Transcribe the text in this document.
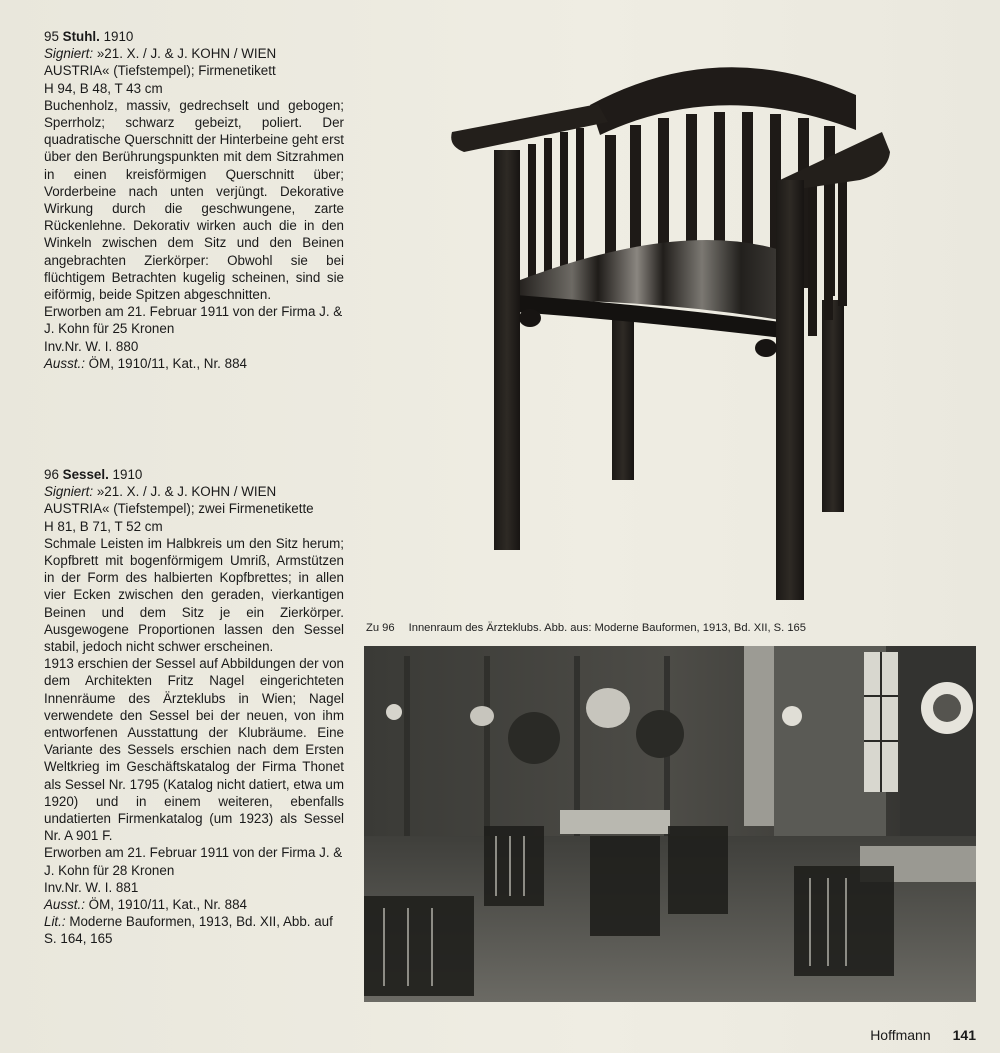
95 Stuhl. 1910

Signiert: »21. X. / J. & J. KOHN / WIEN AUSTRIA« (Tiefstempel); Firmenetikett

H 94, B 48, T 43 cm

Buchenholz, massiv, gedrechselt und gebogen; Sperrholz; schwarz gebeizt, poliert. Der quadratische Querschnitt der Hinterbeine geht erst über den Berührungspunkten mit dem Sitzrahmen in einen kreisförmigen Querschnitt über; Vorderbeine nach unten verjüngt. Dekorative Wirkung durch die geschwungene, zarte Rückenlehne. Dekorativ wirken auch die in den Winkeln zwischen dem Sitz und den Beinen angebrachten Zierkörper: Obwohl sie bei flüchtigem Betrachten kugelig scheinen, sind sie eiförmig, beide Spitzen abgeschnitten.

Erworben am 21. Februar 1911 von der Firma J. & J. Kohn für 25 Kronen

Inv.Nr. W. I. 880

Ausst.: ÖM, 1910/11, Kat., Nr. 884

96 Sessel. 1910

Signiert: »21. X. / J. & J. KOHN / WIEN AUSTRIA« (Tiefstempel); zwei Firmenetikette

H 81, B 71, T 52 cm

Schmale Leisten im Halbkreis um den Sitz herum; Kopfbrett mit bogenförmigem Umriß, Armstützen in der Form des halbierten Kopfbrettes; in allen vier Ecken zwischen den geraden, vierkantigen Beinen und dem Sitz je ein Zierkörper. Ausgewogene Proportionen lassen den Sessel stabil, jedoch nicht schwer erscheinen.

1913 erschien der Sessel auf Abbildungen der von dem Architekten Fritz Nagel eingerichteten Innenräume des Ärzteklubs in Wien; Nagel verwendete den Sessel bei der neuen, von ihm entworfenen Ausstattung der Klubräume. Eine Variante des Sessels erschien nach dem Ersten Weltkrieg im Geschäftskatalog der Firma Thonet als Sessel Nr. 1795 (Katalog nicht datiert, etwa um 1920) und in einem weiteren, ebenfalls undatierten Firmenkatalog (um 1923) als Sessel Nr. A 901 F.

Erworben am 21. Februar 1911 von der Firma J. & J. Kohn für 28 Kronen

Inv.Nr. W. I. 881

Ausst.: ÖM, 1910/11, Kat., Nr. 884

Lit.: Moderne Bauformen, 1913, Bd. XII, Abb. auf S. 164, 165

Zu 96 Innenraum des Ärzteklubs. Abb. aus: Moderne Bauformen, 1913, Bd. XII, S. 165
Hoffmann 141
